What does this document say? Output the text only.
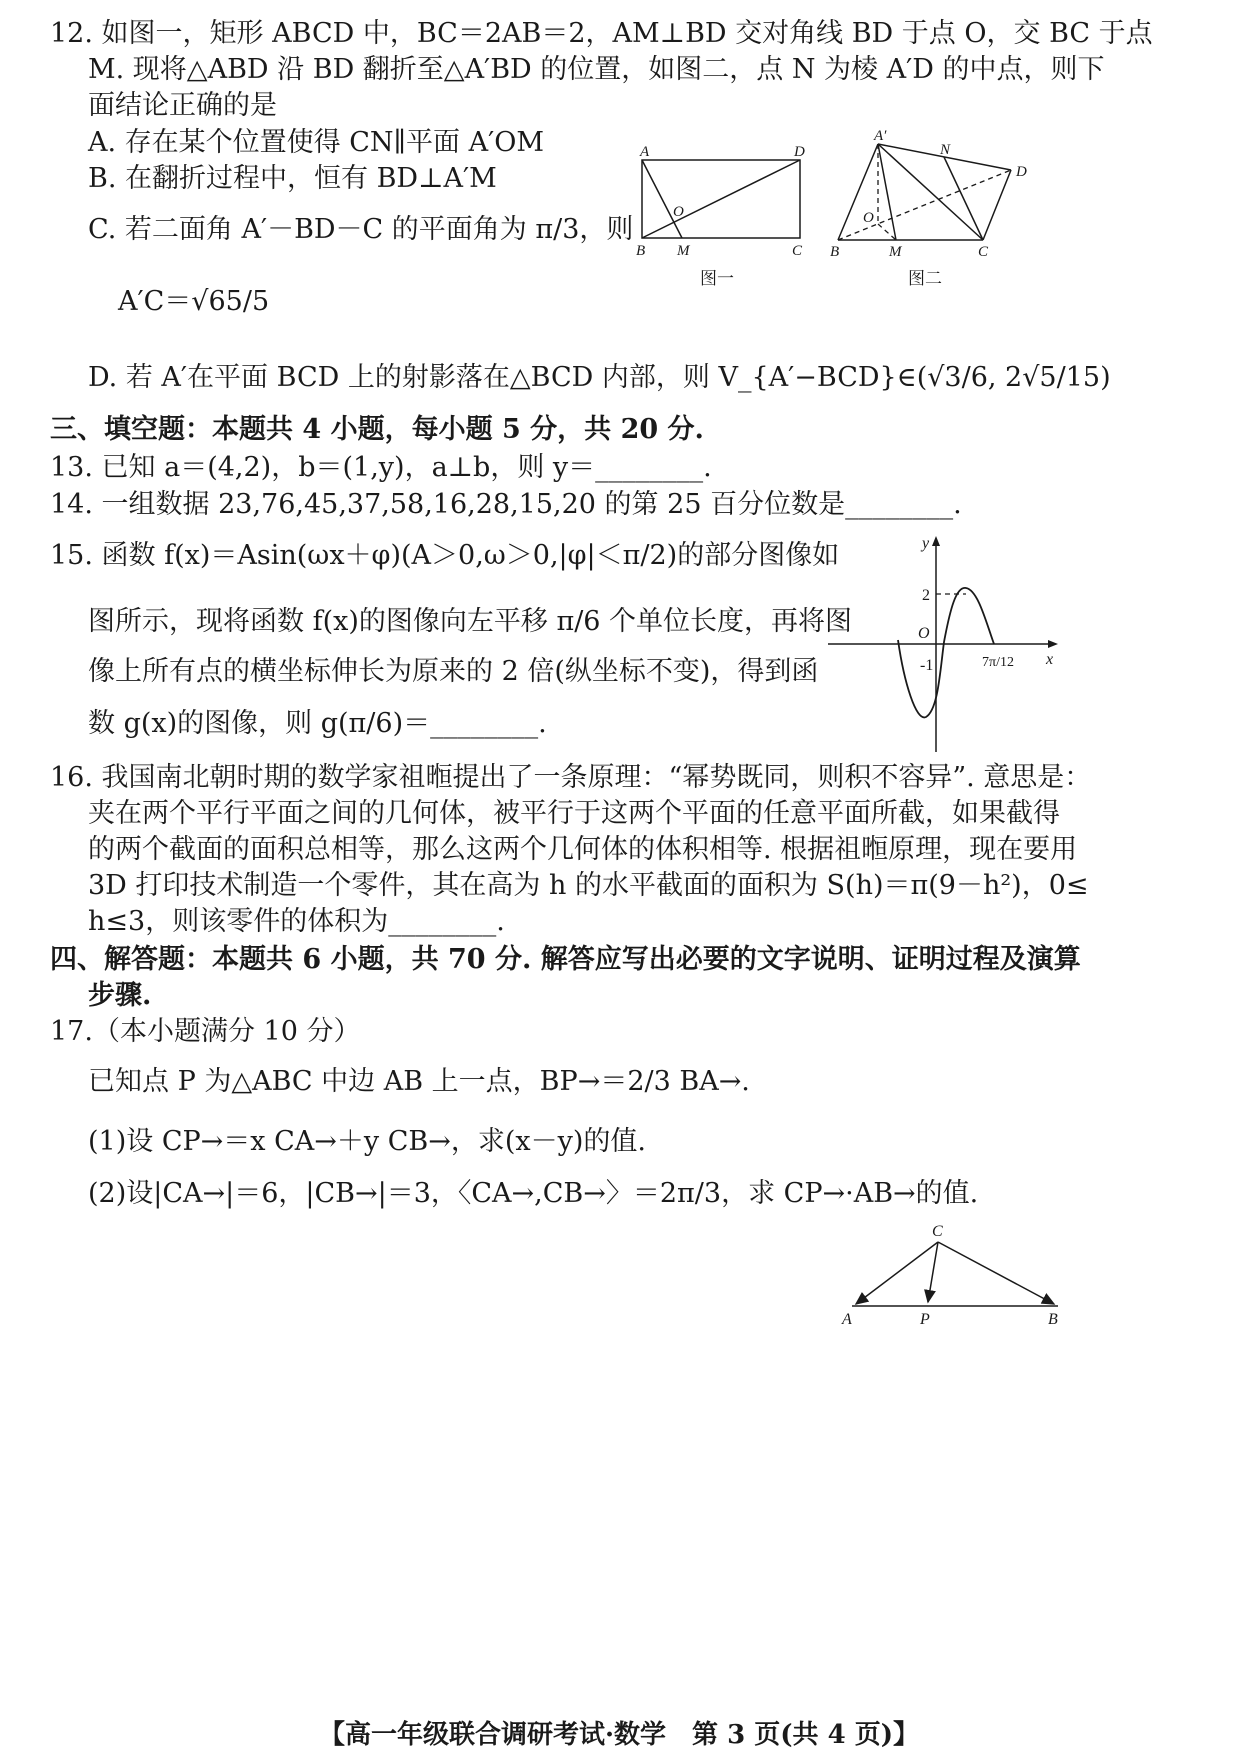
12. 如图一，矩形 ABCD 中，BC＝2AB＝2，AM⊥BD 交对角线 BD 于点 O，交 BC 于点
M. 现将△ABD 沿 BD 翻折至△A′BD 的位置，如图二，点 N 为棱 A′D 的中点，则下
面结论正确的是
A. 存在某个位置使得 CN∥平面 A′OM
B. 在翻折过程中，恒有 BD⊥A′M
C. 若二面角 A′－BD－C 的平面角为 π/3，则
A′C＝√65/5
D. 若 A′在平面 BCD 上的射影落在△BCD 内部，则 V_{A′−BCD}∈(√3/6, 2√5/15)
A	D
O
B M	C
图一
A′
N
D
O
B	M	C
图二
三、填空题：本题共 4 小题，每小题 5 分，共 20 分.
13. 已知 a＝(4,2)，b＝(1,y)，a⊥b，则 y＝________.
14. 一组数据 23,76,45,37,58,16,28,15,20 的第 25 百分位数是________.
15. 函数 f(x)＝Asin(ωx＋φ)(A＞0,ω＞0,|φ|＜π/2)的部分图像如
图所示，现将函数 f(x)的图像向左平移 π/6 个单位长度，再将图
像上所有点的横坐标伸长为原来的 2 倍(纵坐标不变)，得到函
数 g(x)的图像，则 g(π/6)＝________.
y
2
O
-1	7π/12 x
16. 我国南北朝时期的数学家祖暅提出了一条原理：“幂势既同，则积不容异”. 意思是：
夹在两个平行平面之间的几何体，被平行于这两个平面的任意平面所截，如果截得
的两个截面的面积总相等，那么这两个几何体的体积相等. 根据祖暅原理，现在要用
3D 打印技术制造一个零件，其在高为 h 的水平截面的面积为 S(h)＝π(9－h²)，0≤
h≤3，则该零件的体积为________.
四、解答题：本题共 6 小题，共 70 分. 解答应写出必要的文字说明、证明过程及演算
步骤.
17.（本小题满分 10 分）
已知点 P 为△ABC 中边 AB 上一点，BP→＝2/3 BA→.
(1)设 CP→＝x CA→＋y CB→，求(x－y)的值.
(2)设|CA→|＝6，|CB→|＝3，〈CA→,CB→〉＝2π/3，求 CP→·AB→的值.
C
A	P	B
【高一年级联合调研考试·数学　第 3 页(共 4 页)】
